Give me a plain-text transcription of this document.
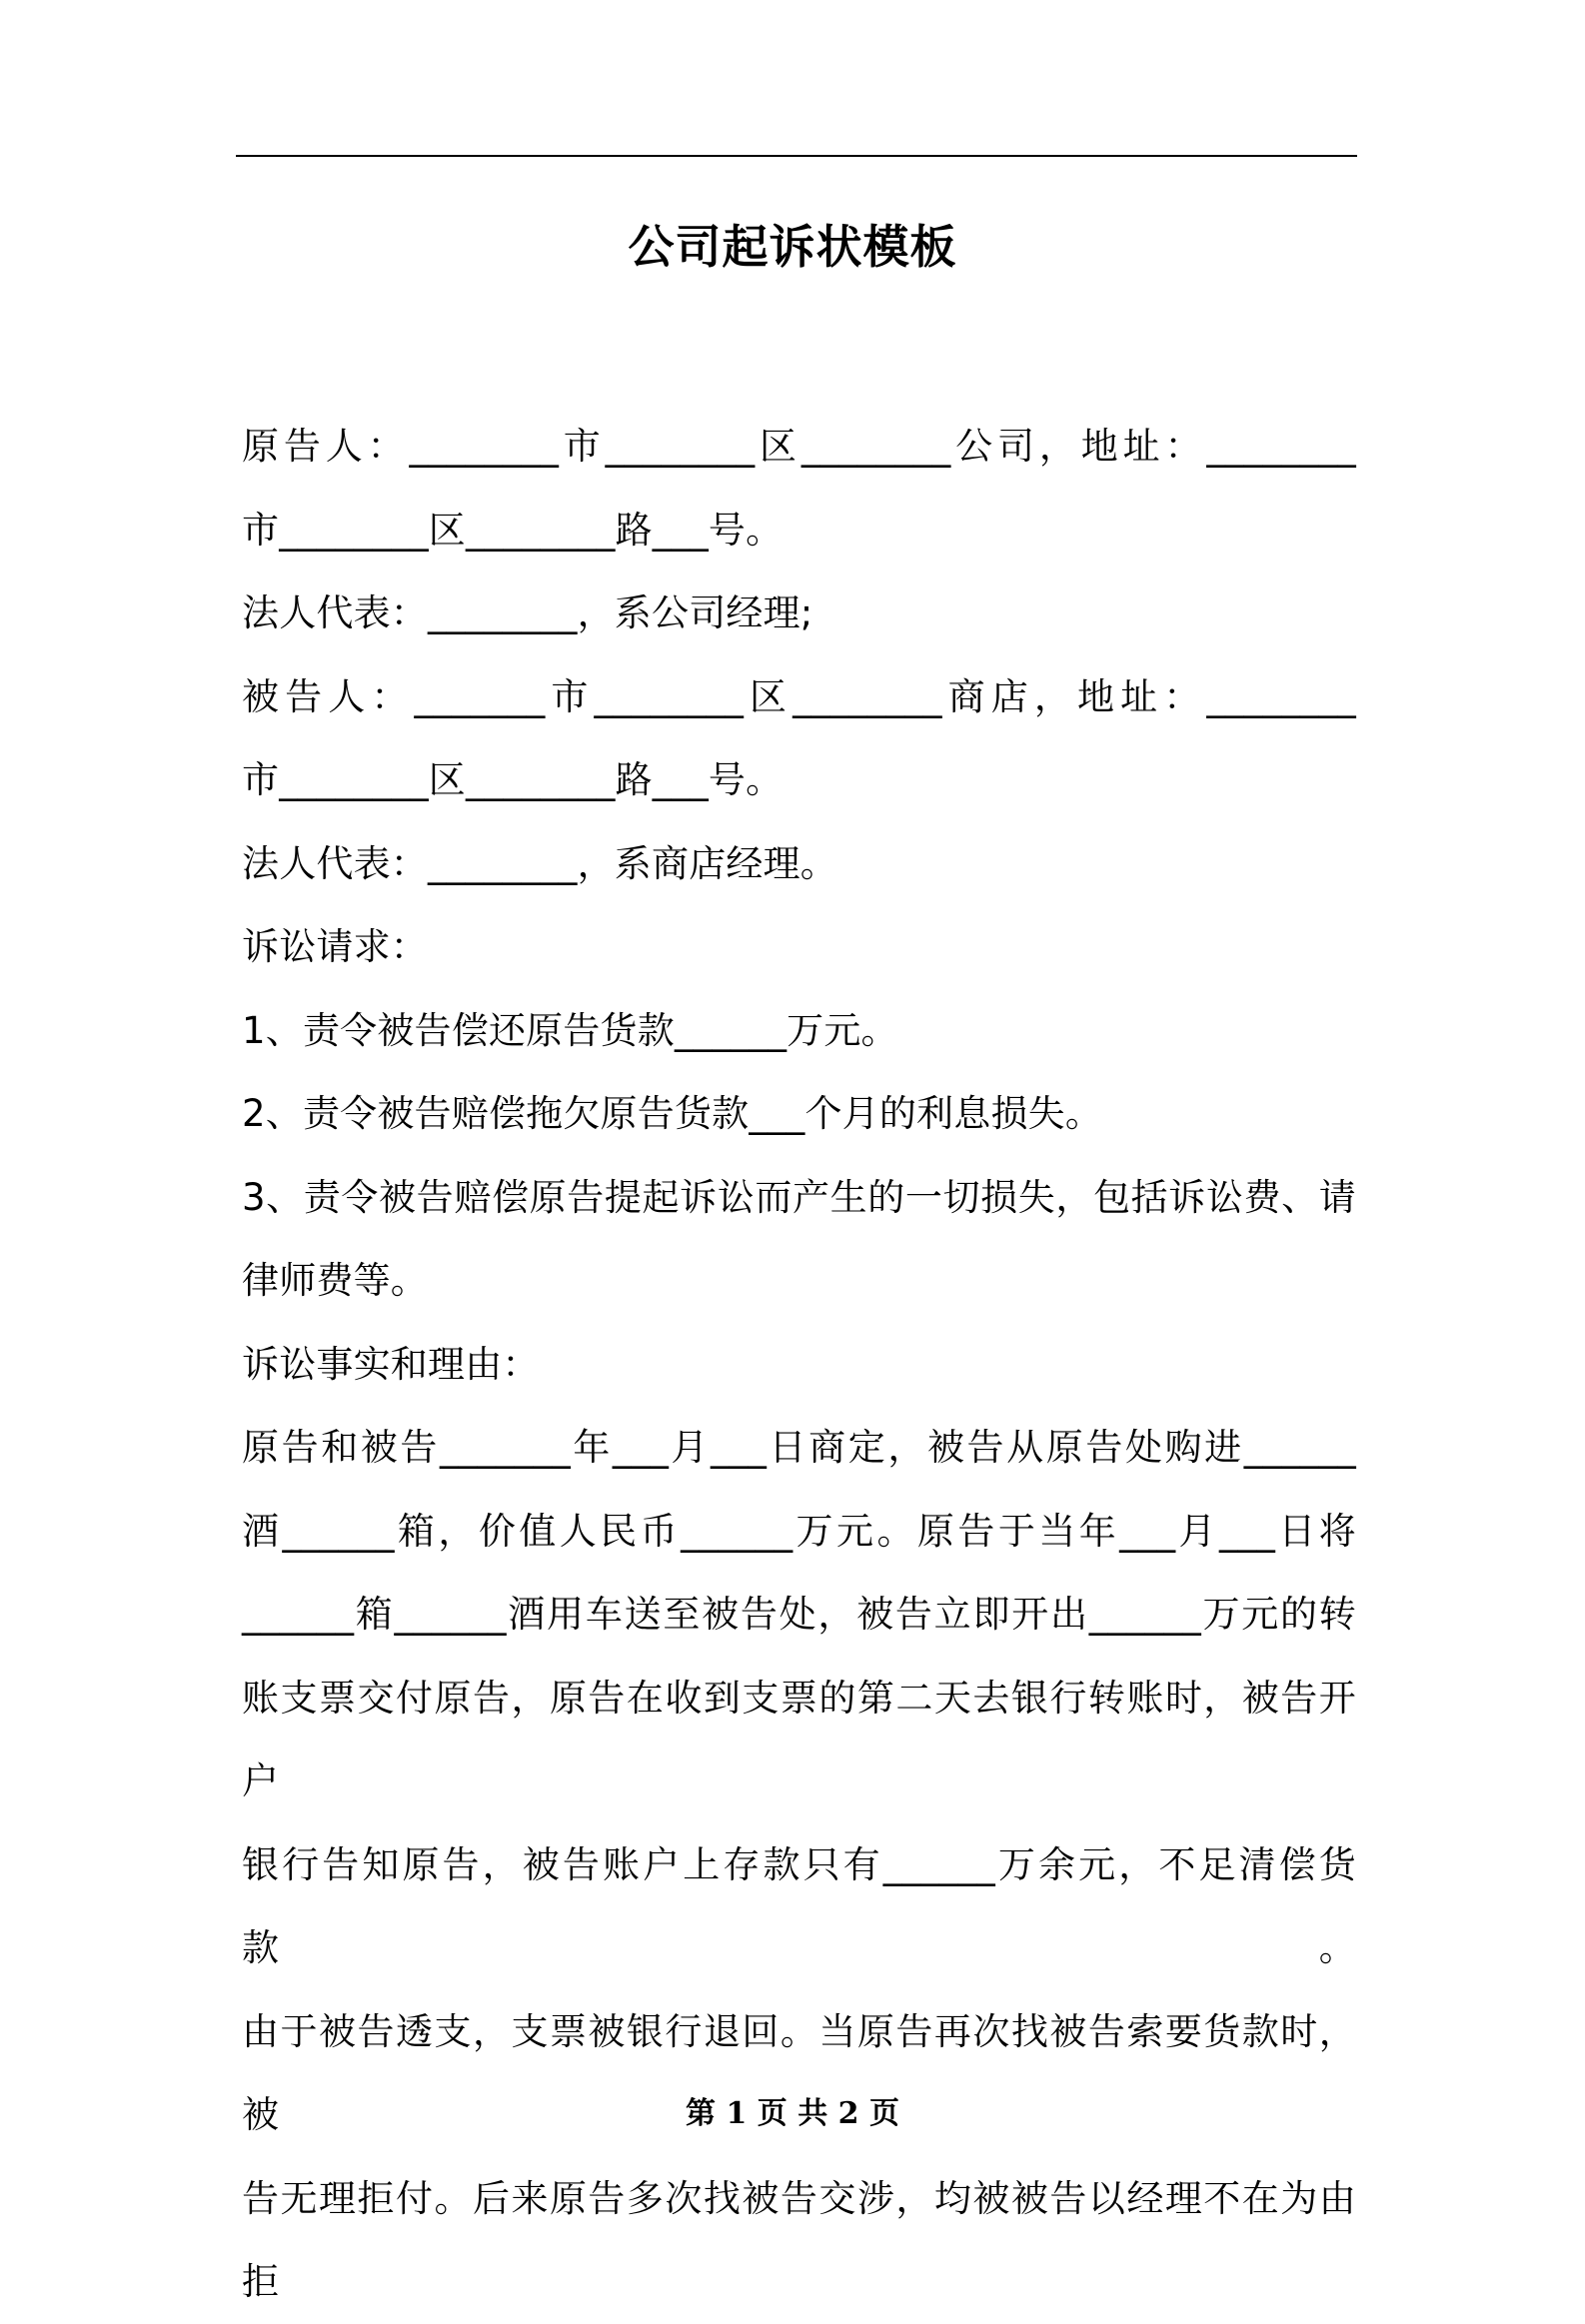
公司起诉状模板

原告人：________市________区________公司，地址：________

市________区________路___号。

法人代表：________，系公司经理;

被告人：_______市________区________商店，地址：________

市________区________路___号。

法人代表：________，系商店经理。

诉讼请求：

1、责令被告偿还原告货款______万元。

2、责令被告赔偿拖欠原告货款___个月的利息损失。

3、责令被告赔偿原告提起诉讼而产生的一切损失，包括诉讼费、请

律师费等。

诉讼事实和理由：

原告和被告_______年___月___日商定，被告从原告处购进______

酒______箱，价值人民币______万元。原告于当年___月___日将

______箱______酒用车送至被告处，被告立即开出______万元的转

账支票交付原告，原告在收到支票的第二天去银行转账时，被告开户

银行告知原告，被告账户上存款只有______万余元，不足清偿货款。

由于被告透支，支票被银行退回。当原告再次找被告索要货款时，被

告无理拒付。后来原告多次找被告交涉，均被被告以经理不在为由拒

第 1 页 共 2 页
